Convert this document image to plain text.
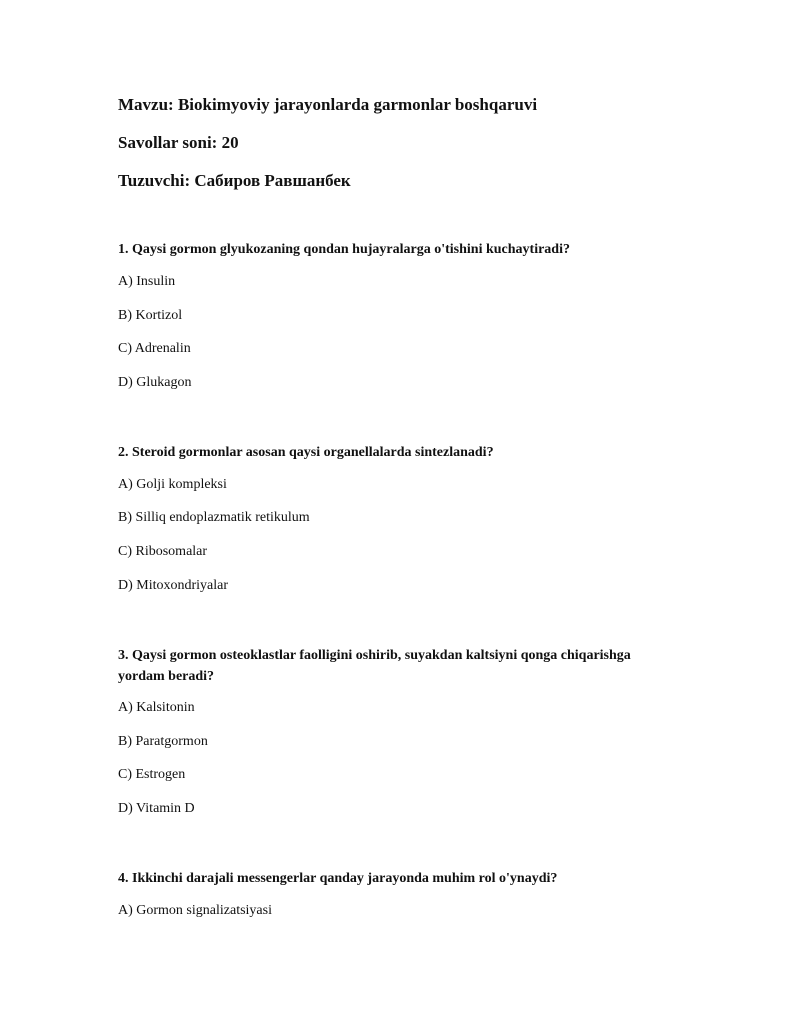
Mavzu: Biokimyoviy jarayonlarda garmonlar boshqaruvi

Savollar soni: 20

Tuzuvchi: Сабиров Равшанбек

1. Qaysi gormon glyukozaning qondan hujayralarga o'tishini kuchaytiradi?

A) Insulin

B) Kortizol

C) Adrenalin

D) Glukagon

2. Steroid gormonlar asosan qaysi organellalarda sintezlanadi?

A) Golji kompleksi

B) Silliq endoplazmatik retikulum

C) Ribosomalar

D) Mitoxondriyalar

3. Qaysi gormon osteoklastlar faolligini oshirib, suyakdan kaltsiyni qonga chiqarishga yordam beradi?

A) Kalsitonin

B) Paratgormon

C) Estrogen

D) Vitamin D

4. Ikkinchi darajali messengerlar qanday jarayonda muhim rol o'ynaydi?

A) Gormon signalizatsiyasi
